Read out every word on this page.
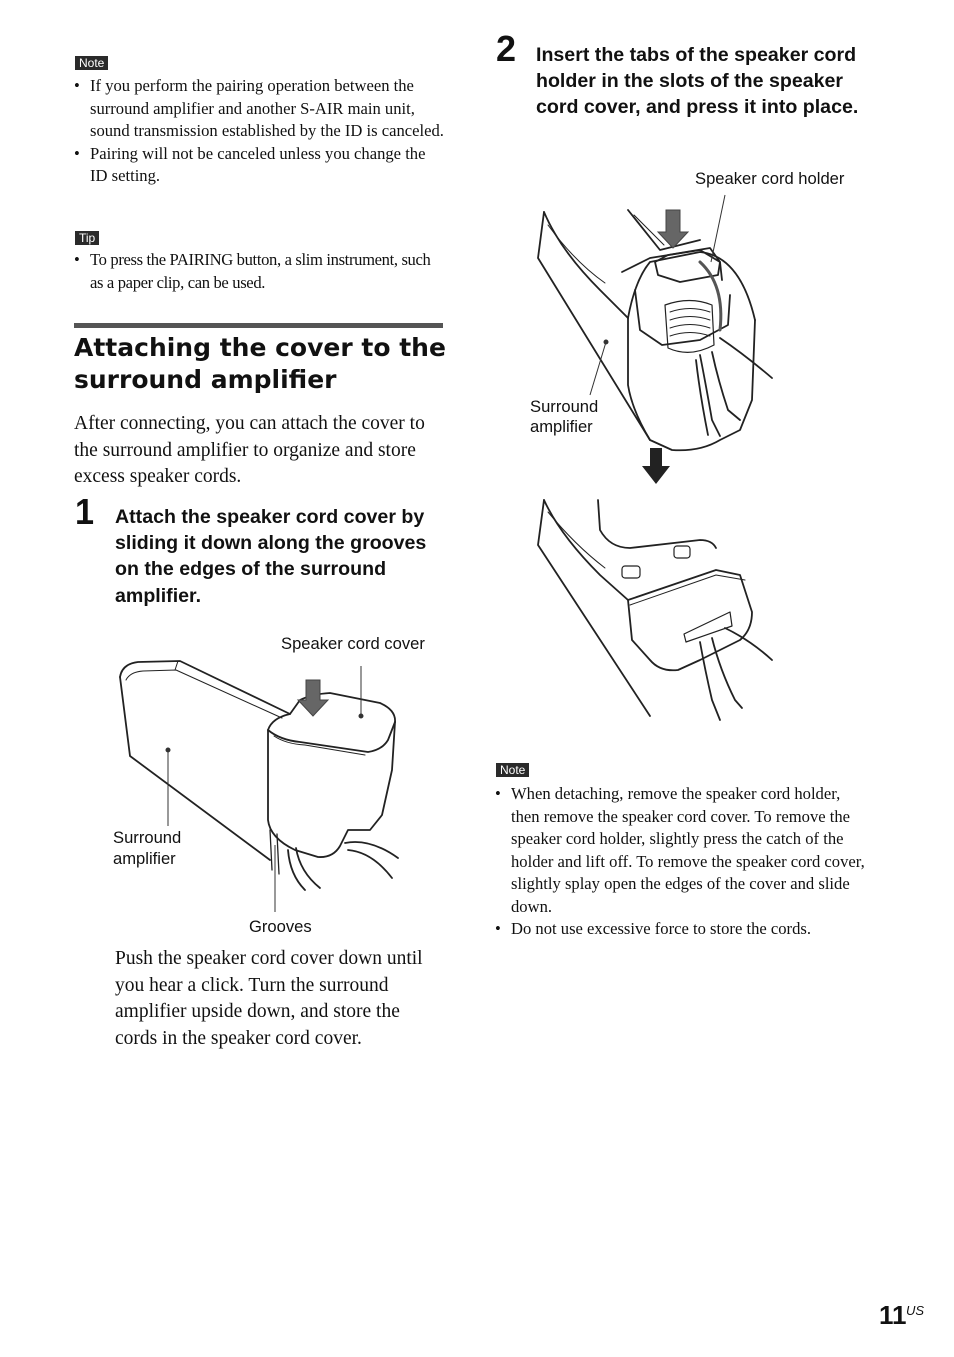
Note
• If you perform the pairing operation between the surround amplifier and another S-AIR main unit, sound transmission established by the ID is canceled.
• Pairing will not be canceled unless you change the ID setting.
Tip
• To press the PAIRING button, a slim instrument, such as a paper clip, can be used.
Attaching the cover to the surround amplifier
After connecting, you can attach the cover to the surround amplifier to organize and store excess speaker cords.
1 Attach the speaker cord cover by sliding it down along the grooves on the edges of the surround amplifier.
Speaker cord cover
Surround
amplifier
Grooves
Push the speaker cord cover down until you hear a click. Turn the surround amplifier upside down, and store the cords in the speaker cord cover.
2 Insert the tabs of the speaker cord holder in the slots of the speaker cord cover, and press it into place.
Speaker cord holder
Surround
amplifier
Note
• When detaching, remove the speaker cord holder, then remove the speaker cord cover. To remove the speaker cord holder, slightly press the catch of the holder and lift off. To remove the speaker cord cover, slightly splay open the edges of the cover and slide down.
• Do not use excessive force to store the cords.
11 US
